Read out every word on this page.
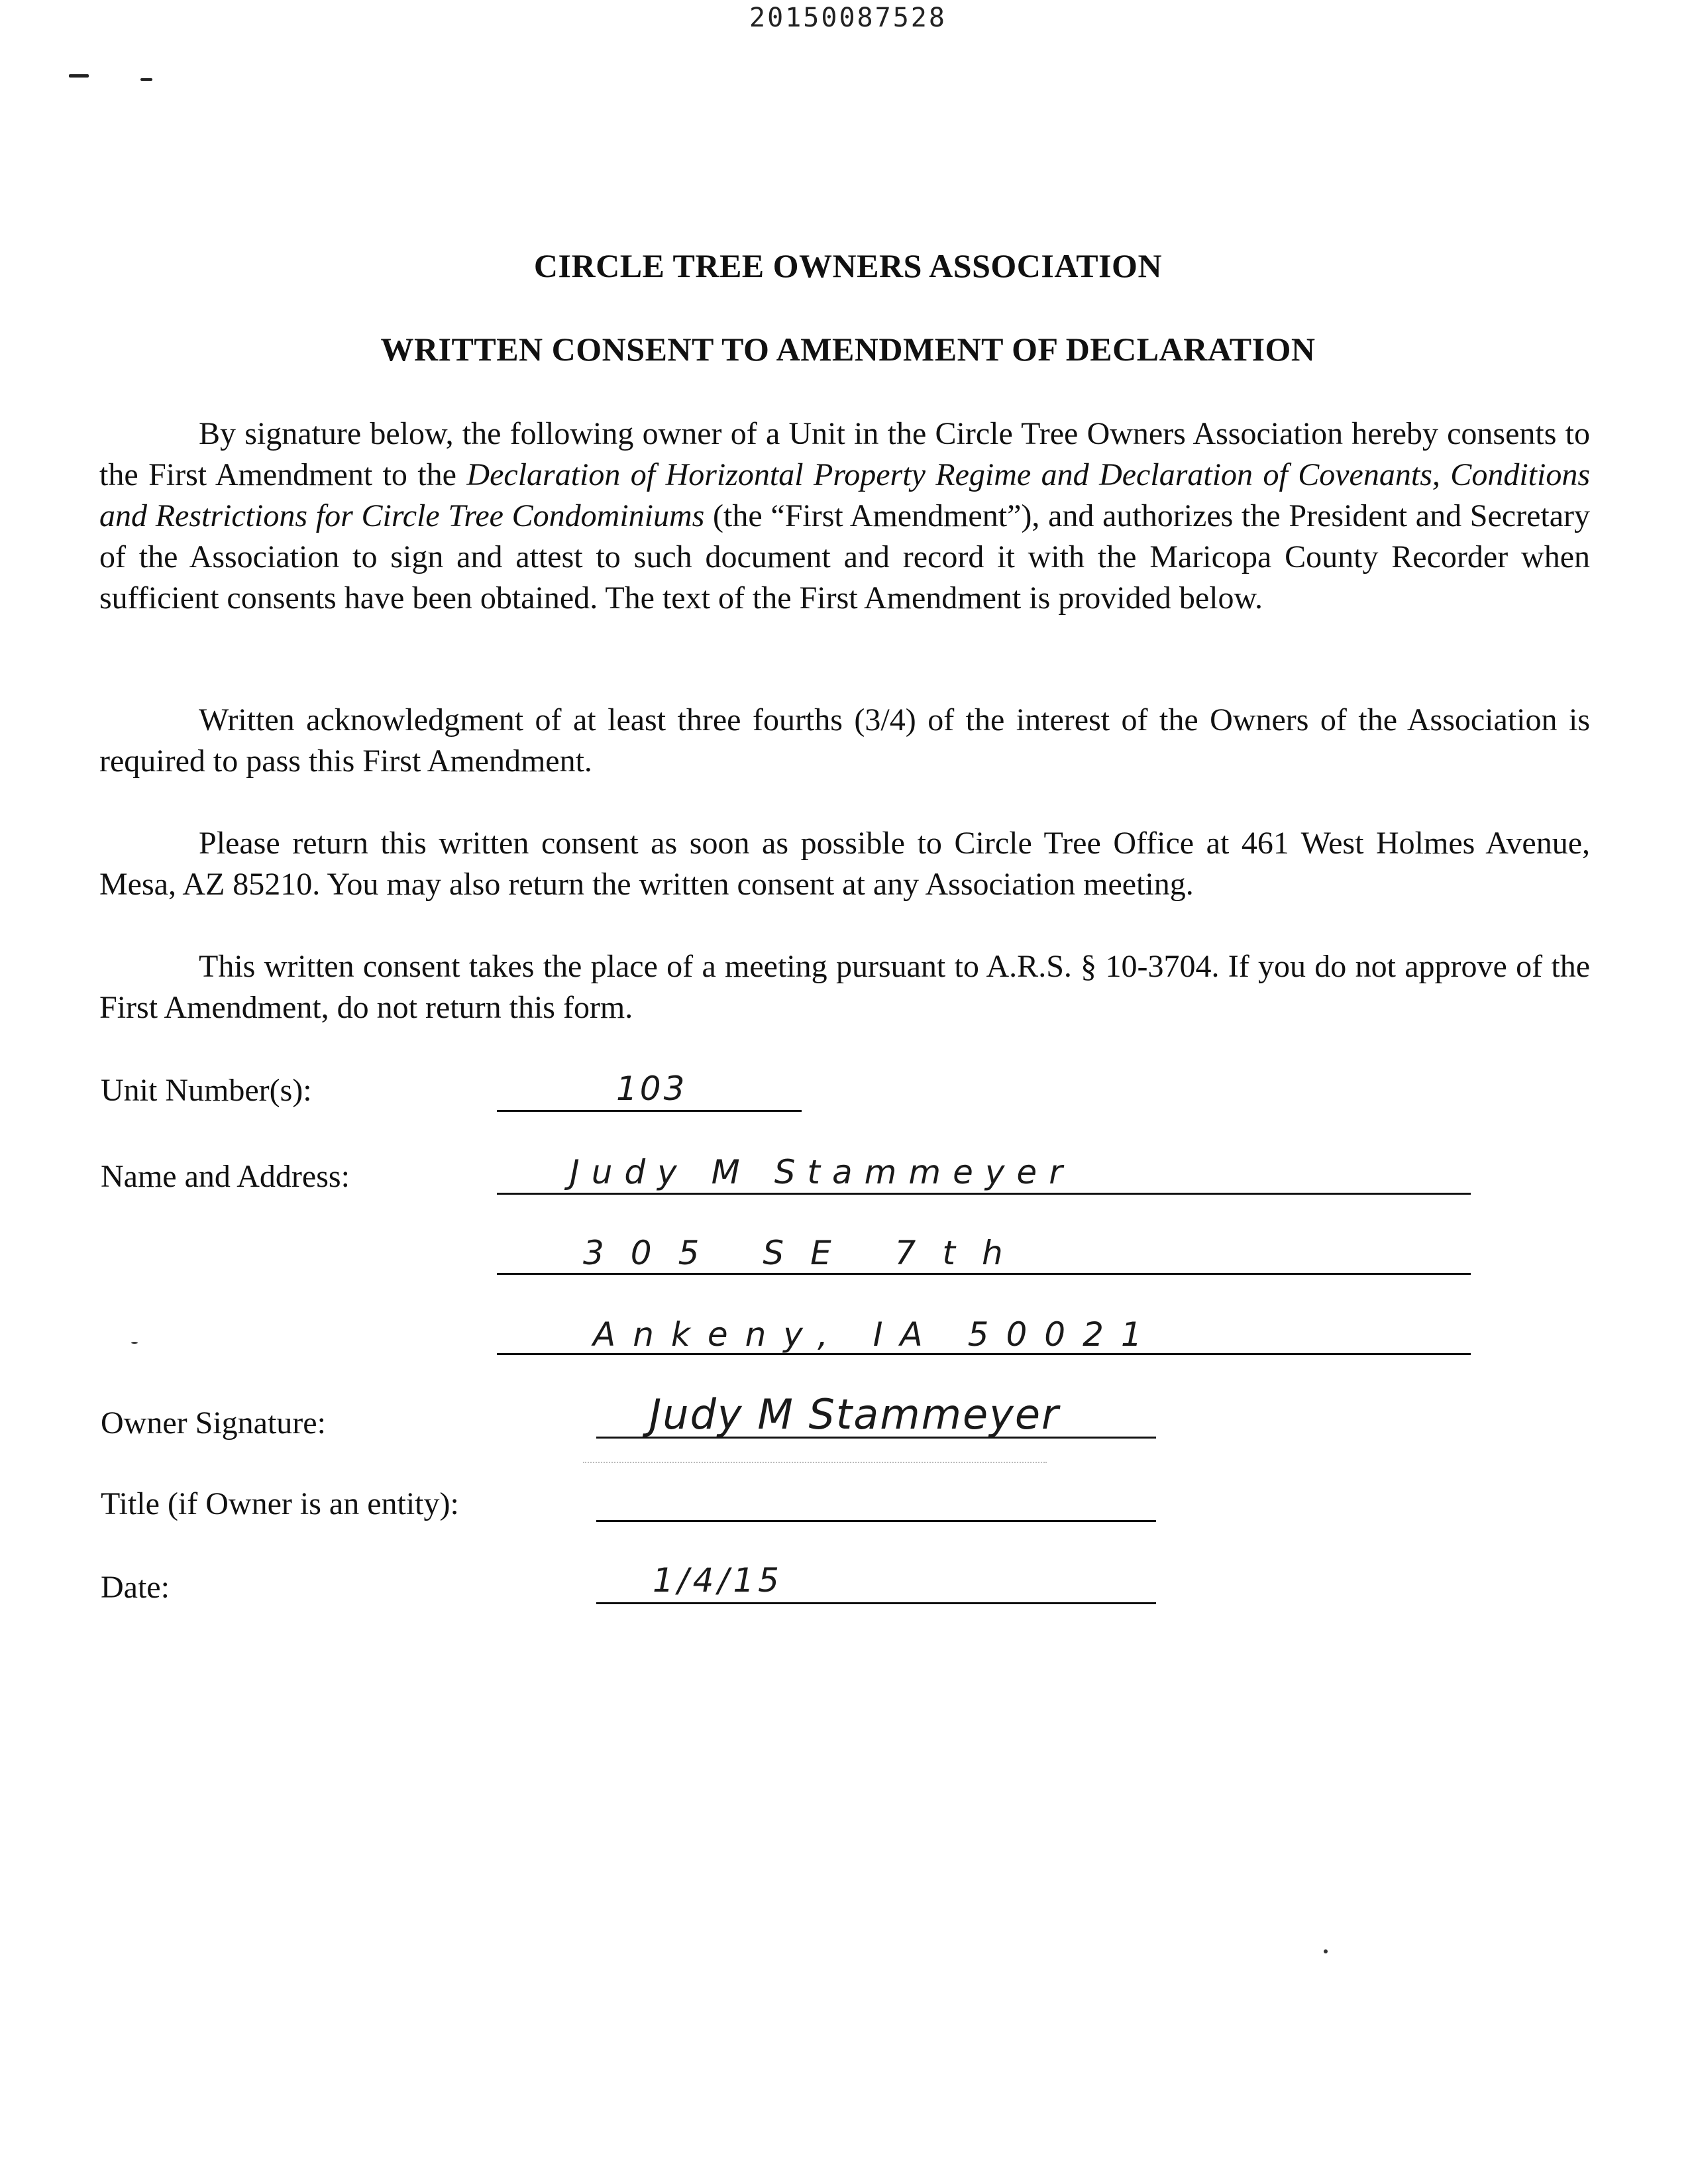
20150087528
CIRCLE TREE OWNERS ASSOCIATION
WRITTEN CONSENT TO AMENDMENT OF DECLARATION
By signature below, the following owner of a Unit in the Circle Tree Owners Association hereby consents to the First Amendment to the Declaration of Horizontal Property Regime and Declaration of Covenants, Conditions and Restrictions for Circle Tree Condominiums (the “First Amendment”), and authorizes the President and Secretary of the Association to sign and attest to such document and record it with the Maricopa County Recorder when sufficient consents have been obtained. The text of the First Amendment is provided below.
Written acknowledgment of at least three fourths (3/4) of the interest of the Owners of the Association is required to pass this First Amendment.
Please return this written consent as soon as possible to Circle Tree Office at 461 West Holmes Avenue, Mesa, AZ 85210. You may also return the written consent at any Association meeting.
This written consent takes the place of a meeting pursuant to A.R.S. § 10-3704. If you do not approve of the First Amendment, do not return this form.
Unit Number(s):	103
Name and Address:	Judy M Stammeyer
305 SE 7th
Ankeny, IA 50021
Owner Signature:	Judy M Stammeyer
Title (if Owner is an entity):
Date:	1/4/15
